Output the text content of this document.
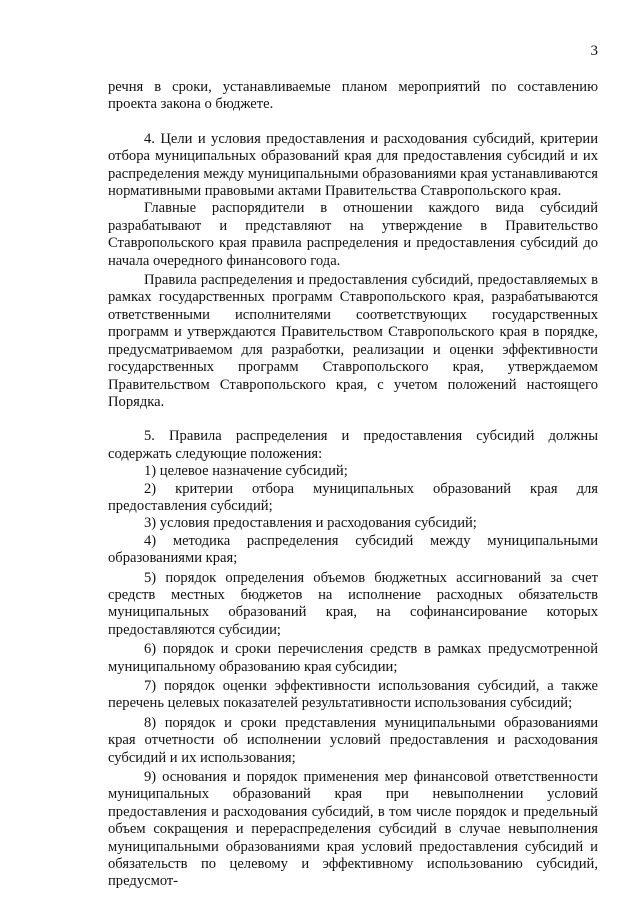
3

речня в сроки, устанавливаемые планом мероприятий по составлению проекта закона о бюджете.

4. Цели и условия предоставления и расходования субсидий, критерии отбора муниципальных образований края для предоставления субсидий и их распределения между муниципальными образованиями края устанавливаются нормативными правовыми актами Правительства Ставропольского края.

Главные распорядители в отношении каждого вида субсидий разрабатывают и представляют на утверждение в Правительство Ставропольского края правила распределения и предоставления субсидий до начала очередного финансового года.

Правила распределения и предоставления субсидий, предоставляемых в рамках государственных программ Ставропольского края, разрабатываются ответственными исполнителями соответствующих государственных программ и утверждаются Правительством Ставропольского края в порядке, предусматриваемом для разработки, реализации и оценки эффективности государственных программ Ставропольского края, утверждаемом Правительством Ставропольского края, с учетом положений настоящего Порядка.

5. Правила распределения и предоставления субсидий должны содержать следующие положения:

1) целевое назначение субсидий;

2) критерии отбора муниципальных образований края для предоставления субсидий;

3) условия предоставления и расходования субсидий;

4) методика распределения субсидий между муниципальными образованиями края;

5) порядок определения объемов бюджетных ассигнований за счет средств местных бюджетов на исполнение расходных обязательств муниципальных образований края, на софинансирование которых предоставляются субсидии;

6) порядок и сроки перечисления средств в рамках предусмотренной муниципальному образованию края субсидии;

7) порядок оценки эффективности использования субсидий, а также перечень целевых показателей результативности использования субсидий;

8) порядок и сроки представления муниципальными образованиями края отчетности об исполнении условий предоставления и расходования субсидий и их использования;

9) основания и порядок применения мер финансовой ответственности муниципальных образований края при невыполнении условий предоставления и расходования субсидий, в том числе порядок и предельный объем сокращения и перераспределения субсидий в случае невыполнения муниципальными образованиями края условий предоставления субсидий и обязательств по целевому и эффективному использованию субсидий, предусмот-
